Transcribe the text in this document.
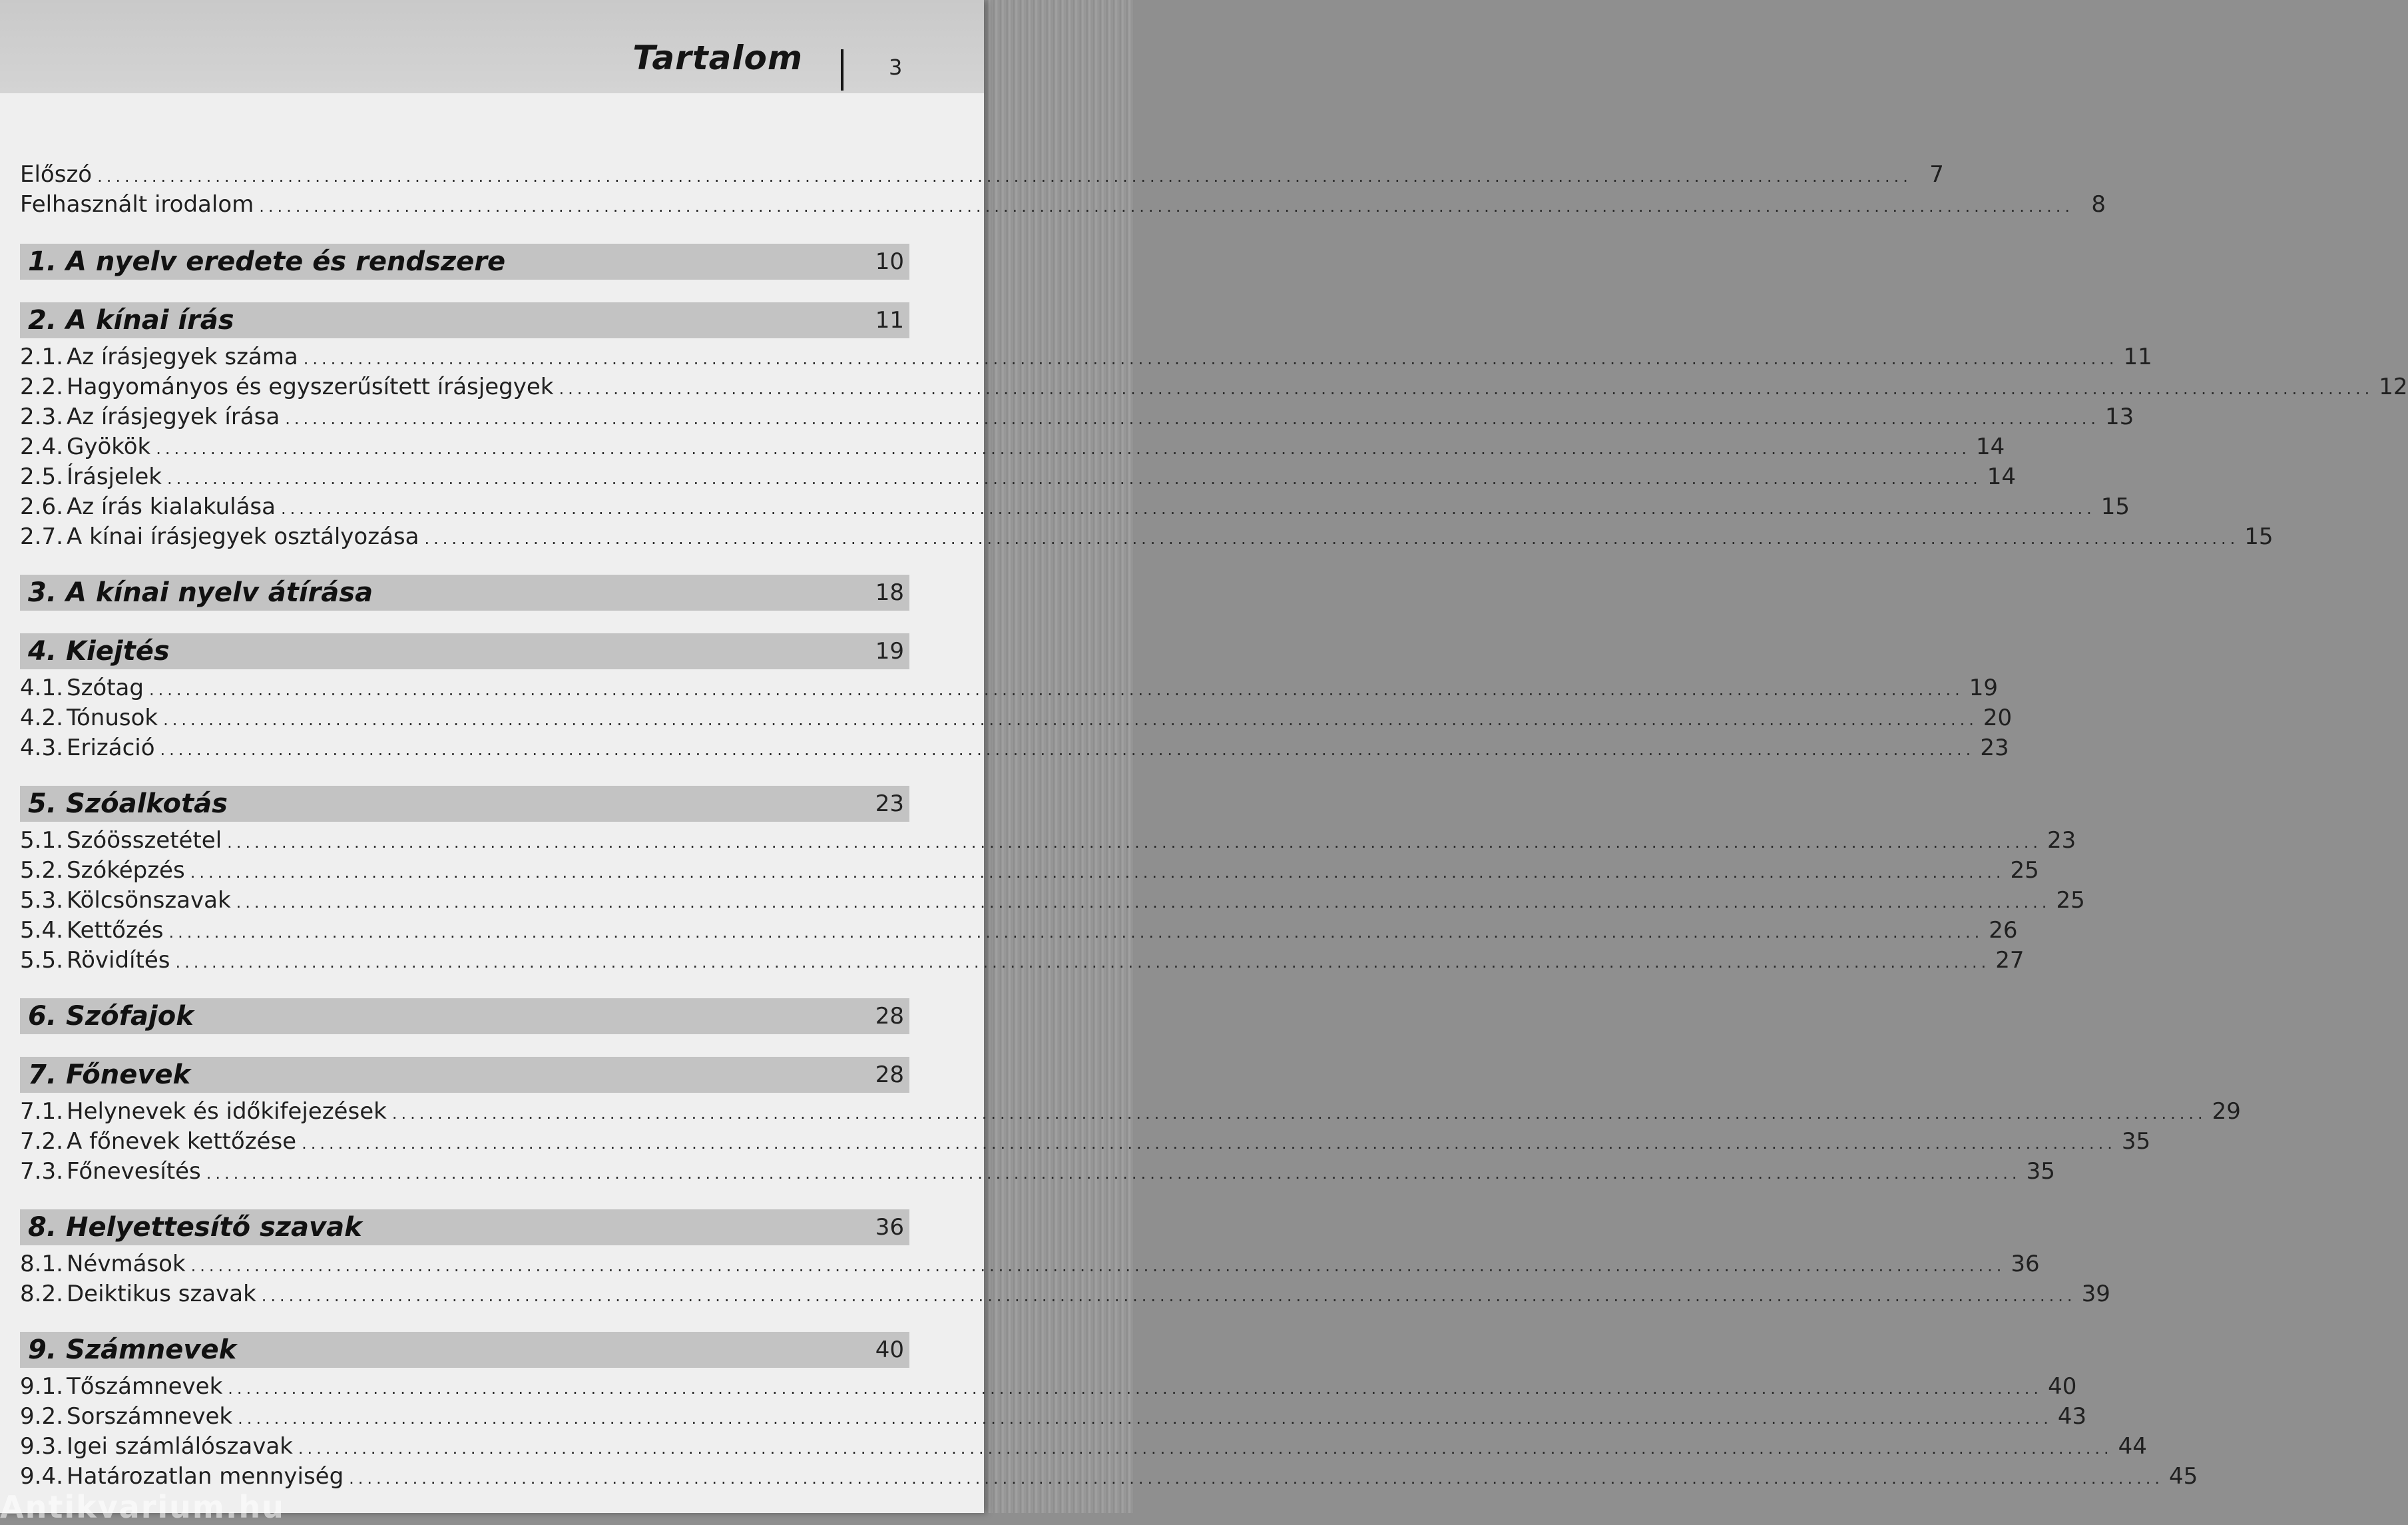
Tartalom	3
Előszó ........................................................................................................................................................................................................ 7
Felhasznált irodalom ........................................................................................................................................................................................................ 8
1. A nyelv eredete és rendszere	10
2. A kínai írás	11
2.1. Az írásjegyek száma ........................................................................................................................................................................................................ 11
2.2. Hagyományos és egyszerűsített írásjegyek ........................................................................................................................................................................................................ 12
2.3. Az írásjegyek írása ........................................................................................................................................................................................................ 13
2.4. Gyökök ........................................................................................................................................................................................................ 14
2.5. Írásjelek ........................................................................................................................................................................................................ 14
2.6. Az írás kialakulása ........................................................................................................................................................................................................ 15
2.7. A kínai írásjegyek osztályozása ........................................................................................................................................................................................................ 15
3. A kínai nyelv átírása	18
4. Kiejtés	19
4.1. Szótag ........................................................................................................................................................................................................ 19
4.2. Tónusok ........................................................................................................................................................................................................ 20
4.3. Erizáció ........................................................................................................................................................................................................ 23
5. Szóalkotás	23
5.1. Szóösszetétel ........................................................................................................................................................................................................ 23
5.2. Szóképzés ........................................................................................................................................................................................................ 25
5.3. Kölcsönszavak ........................................................................................................................................................................................................ 25
5.4. Kettőzés ........................................................................................................................................................................................................ 26
5.5. Rövidítés ........................................................................................................................................................................................................ 27
6. Szófajok	28
7. Főnevek	28
7.1. Helynevek és időkifejezések ........................................................................................................................................................................................................ 29
7.2. A főnevek kettőzése ........................................................................................................................................................................................................ 35
7.3. Főnevesítés ........................................................................................................................................................................................................ 35
8. Helyettesítő szavak	36
8.1. Névmások ........................................................................................................................................................................................................ 36
8.2. Deiktikus szavak ........................................................................................................................................................................................................ 39
9. Számnevek	40
9.1. Tőszámnevek ........................................................................................................................................................................................................ 40
9.2. Sorszámnevek ........................................................................................................................................................................................................ 43
9.3. Igei számlálószavak ........................................................................................................................................................................................................ 44
9.4. Határozatlan mennyiség ........................................................................................................................................................................................................ 45
Antikvarium.hu
